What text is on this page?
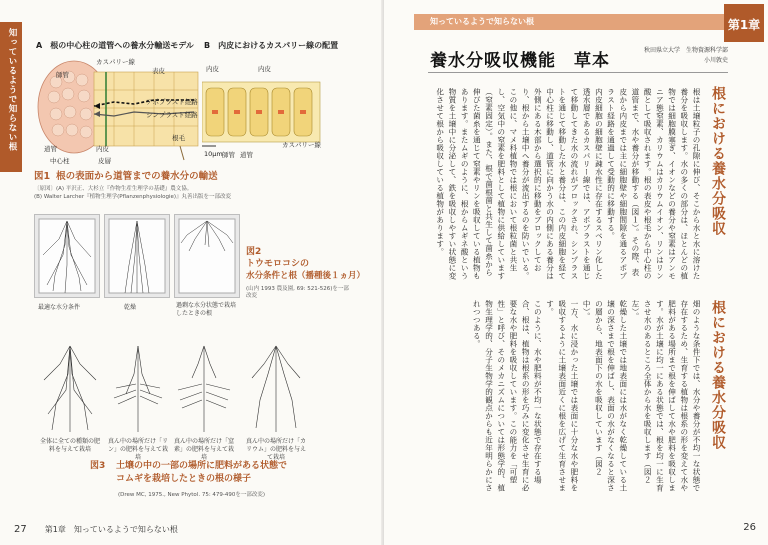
知っているようで知らない根 A　根の中心柱の道管への養水分輸送モデル B　内皮におけるカスパリー線の配置
師管
カスパリー線
表皮
アポプラスト経路
シンプラスト経路
根毛
道管	内皮
中心柱	皮層
内皮	内皮
10μm 師管 道管
カスパリー線
図1 根の表面から道管までの養水分の輸送
〔原図〕(A) 平沢正、大杉立『作物生産生理学の基礎』農文協。
(B) Walter Larcher『植物生理学(Pflanzenphysiologie)』丸善出版を一部改変
最適な水分条件	乾燥	過剰な水分状態で栽培したときの根
図2
トウモロコシの
水分条件と根（播種後１ヵ月）
(山内 1993 農及園, 69: 521-526)を一部改変
全体に全ての種類の肥料を与えて栽培
真ん中の場所だけ「リン」の肥料を与えて栽培
真ん中の場所だけ「窒素」の肥料を与えて栽培
真ん中の場所だけ「カリウム」の肥料を与えて栽培
図3 土壌の中の一部の場所に肥料がある状態で
コムギを栽培したときの根の様子
(Drew MC, 1975., New Phytol. 75: 479-490を一部改変)
27 第1章　知っているようで知らない根
知っているようで知らない根	第1章
養水分吸収機能　草本
秋田県立大学　生物資源科学部
小川敦史
根における養水分吸収

根は土壌粒子の孔隙に伸び、そこから水と水に溶けた養分を吸収します。水の多くの部分は、ほとんどの植物では細胞膜塞ぎ、イオンなどの養分や窒素はアンモニア態窒素、カリウムはカリウムイオン、リンはリン酸として吸収されます。根の表皮や根毛から中心柱の道管まで、水や養分が移動する（図１）。その際、表皮から内皮までは主に細胞壁や細胞間隙を通るアポプラスト経路を通過して受動的に移動する。

内皮細胞の細胞壁に疎水性に存在するスベリン化した透水層であるカスパリー線では、アポプラストを通じて移動してきた水の流れがブロックされ、シンプラストを通じて移動した水と養分は、この内皮細胞を経て中心柱に移動し、道管に向かう水の内側にある養分は外側にある木部から選択的に移動をブロックしており、根から土壌中へ養分が流出するのを防いでいる。

この他に、マメ科植物では根において根粒菌と共生し、空気中の窒素を肥料として植物に供給しています（窒素固定）。また、根で菌根菌と共生して菌糸から伸びた菌糸を通じて窒素やリンを吸収している植物もあります。またムギのように、根からムギネ酸という物質を土壌中に分泌して、鉄を吸収しやすい状態に変化させて根から吸収している植物があります。

根における養水分吸収

畑のような条件下では、水分や養分が不均一な状態で存在するため、生育する植物は根系の形を変えて水や肥料がある場所まで根を伸ばして水や肥料を吸収します。水が土壌に均一にある状態では、根を均一に生育させ水のあるところ全体から水を吸収します（図２左）。

乾燥した土壌では地表面には水がなく乾燥している土壌の深さまで根を伸ばし、表面の水がなくなると深さの層から、地表面下の水を吸収しています（図２中）。

一方、水に浸かった土壌では表面に十分な水や肥料を吸収するように土壌表面近くに根を広げて生育させます。

このように、水や肥料が不均一な状態で存在する場合、根は、植物は根系の形を巧みに変化させ生育に必要な水や肥料を吸収しています。この能力を「可塑性」と呼び、そのメカニズムについては形態学的、植物生理学的、分子生物学的観点からも近年明らかにされつつある。

26
